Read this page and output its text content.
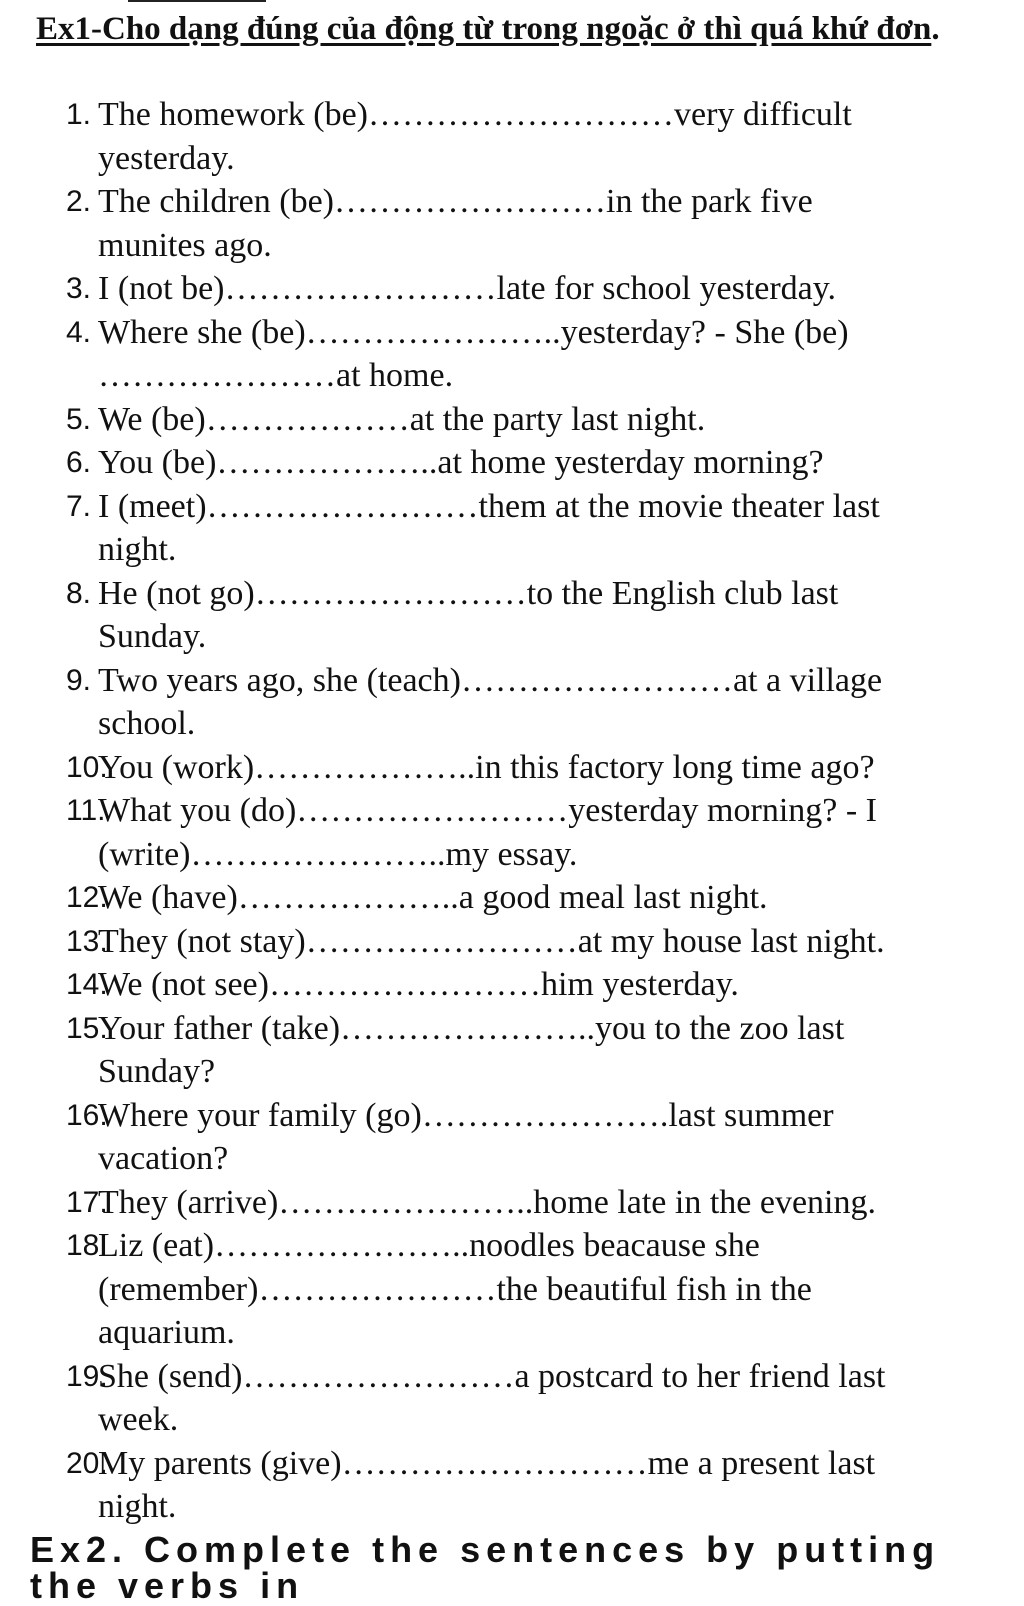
Ex1-Cho dạng đúng của động từ trong ngoặc ở thì quá khứ đơn.
1. The homework (be)………………………very difficult
yesterday.
2. The children (be)……………………in the park five
munites ago.
3. I (not be)……………………late for school yesterday.
4. Where she (be)…………………..yesterday? - She (be)
…………………at home.
5. We (be)………………at the party last night.
6. You (be)………………..at home yesterday morning?
7. I (meet)……………………them at the movie theater last
night.
8. He (not go)……………………to the English club last
Sunday.
9. Two years ago, she (teach)……………………at a village
school.
10.
You (work)………………..in this factory long time ago?
11.
What you (do)……………………yesterday morning? - I
(write)…………………..my essay.
12.
We (have)………………..a good meal last night.
13.
They (not stay)……………………at my house last night.
14.
We (not see)……………………him yesterday.
15.
Your father (take)…………………..you to the zoo last
Sunday?
16.
Where your family (go)………………….last summer
vacation?
17.
They (arrive)…………………..home late in the evening.
18.
Liz (eat)…………………..noodles beacause she
(remember)…………………the beautiful fish in the
aquarium.
19.
She (send)……………………a postcard to her friend last
week.
20.
My parents (give)………………………me a present last
night.
Ex2. Complete the sentences by putting the verbs in
